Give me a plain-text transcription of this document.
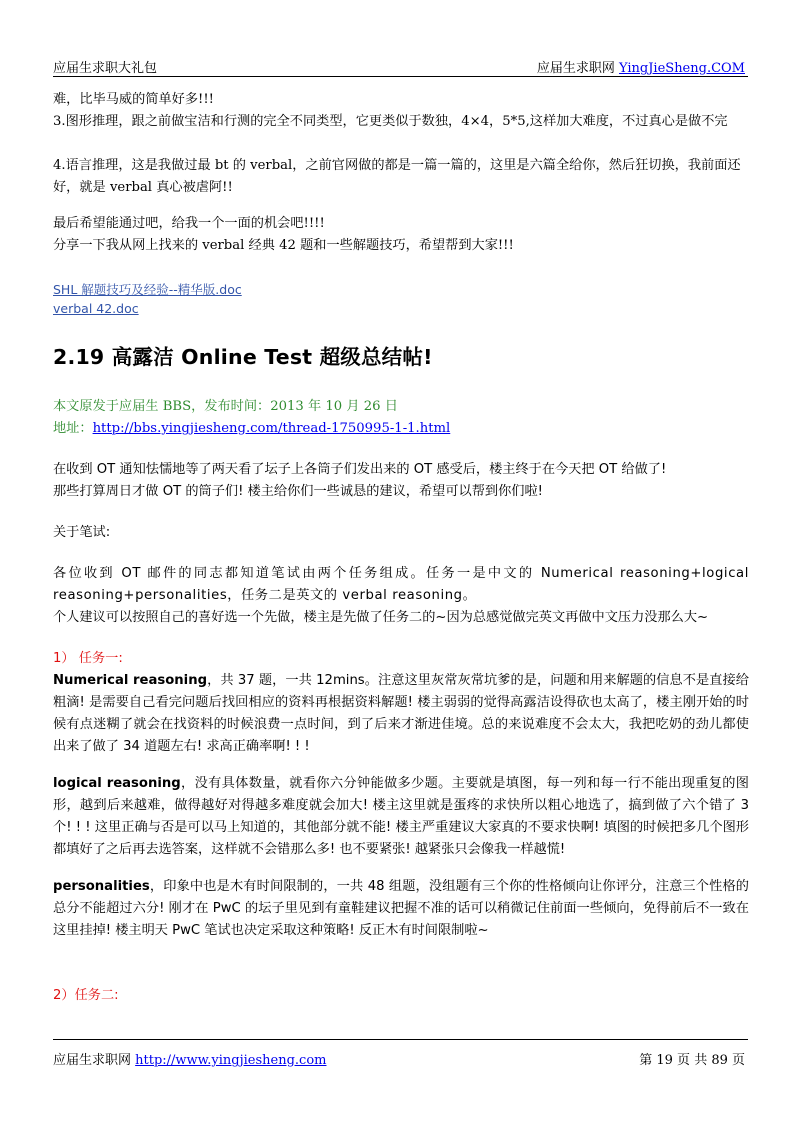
应届生求职大礼包	应届生求职网 YingJieSheng.COM

难，比毕马威的简单好多!!!

3.图形推理，跟之前做宝洁和行测的完全不同类型，它更类似于数独，4×4，5*5,这样加大难度，不过真心是做不完

4.语言推理，这是我做过最 bt 的 verbal，之前官网做的都是一篇一篇的，这里是六篇全给你，然后狂切换，我前面还好，就是 verbal 真心被虐阿!!

最后希望能通过吧，给我一个一面的机会吧!!!!

分享一下我从网上找来的 verbal 经典 42 题和一些解题技巧，希望帮到大家!!!

SHL 解题技巧及经验--精华版.doc
verbal 42.doc
2.19 高露洁 Online Test 超级总结帖!

本文原发于应届生 BBS，发布时间：2013 年 10 月 26 日

地址：http://bbs.yingjiesheng.com/thread-1750995-1-1.html

在收到 OT 通知怯懦地等了两天看了坛子上各筒子们发出来的 OT 感受后，楼主终于在今天把 OT 给做了!

那些打算周日才做 OT 的筒子们! 楼主给你们一些诚恳的建议，希望可以帮到你们啦!

关于笔试:

各位收到 OT 邮件的同志都知道笔试由两个任务组成。任务一是中文的 Numerical reasoning+logical reasoning+personalities，任务二是英文的 verbal reasoning。

个人建议可以按照自己的喜好选一个先做，楼主是先做了任务二的~因为总感觉做完英文再做中文压力没那么大~

1） 任务一:

Numerical reasoning，共 37 题，一共 12mins。注意这里灰常灰常坑爹的是，问题和用来解题的信息不是直接给粗滴! 是需要自己看完问题后找回相应的资料再根据资料解题! 楼主弱弱的觉得高露洁设得砍也太高了，楼主刚开始的时候有点迷糊了就会在找资料的时候浪费一点时间，到了后来才渐进佳境。总的来说难度不会太大，我把吃奶的劲儿都使出来了做了 34 道题左右! 求高正确率啊! ! !

logical reasoning，没有具体数量，就看你六分钟能做多少题。主要就是填图，每一列和每一行不能出现重复的图形，越到后来越难，做得越好对得越多难度就会加大! 楼主这里就是蛋疼的求快所以粗心地选了，搞到做了六个错了 3 个! ! ! 这里正确与否是可以马上知道的，其他部分就不能! 楼主严重建议大家真的不要求快啊! 填图的时候把多几个图形都填好了之后再去选答案，这样就不会错那么多! 也不要紧张! 越紧张只会像我一样越慌!

personalities，印象中也是木有时间限制的，一共 48 组题，没组题有三个你的性格倾向让你评分，注意三个性格的总分不能超过六分! 刚才在 PwC 的坛子里见到有童鞋建议把握不准的话可以稍微记住前面一些倾向，免得前后不一致在这里挂掉! 楼主明天 PwC 笔试也决定采取这种策略! 反正木有时间限制啦~

2）任务二:

应届生求职网 http://www.yingjiesheng.com	第 19 页 共 89 页
